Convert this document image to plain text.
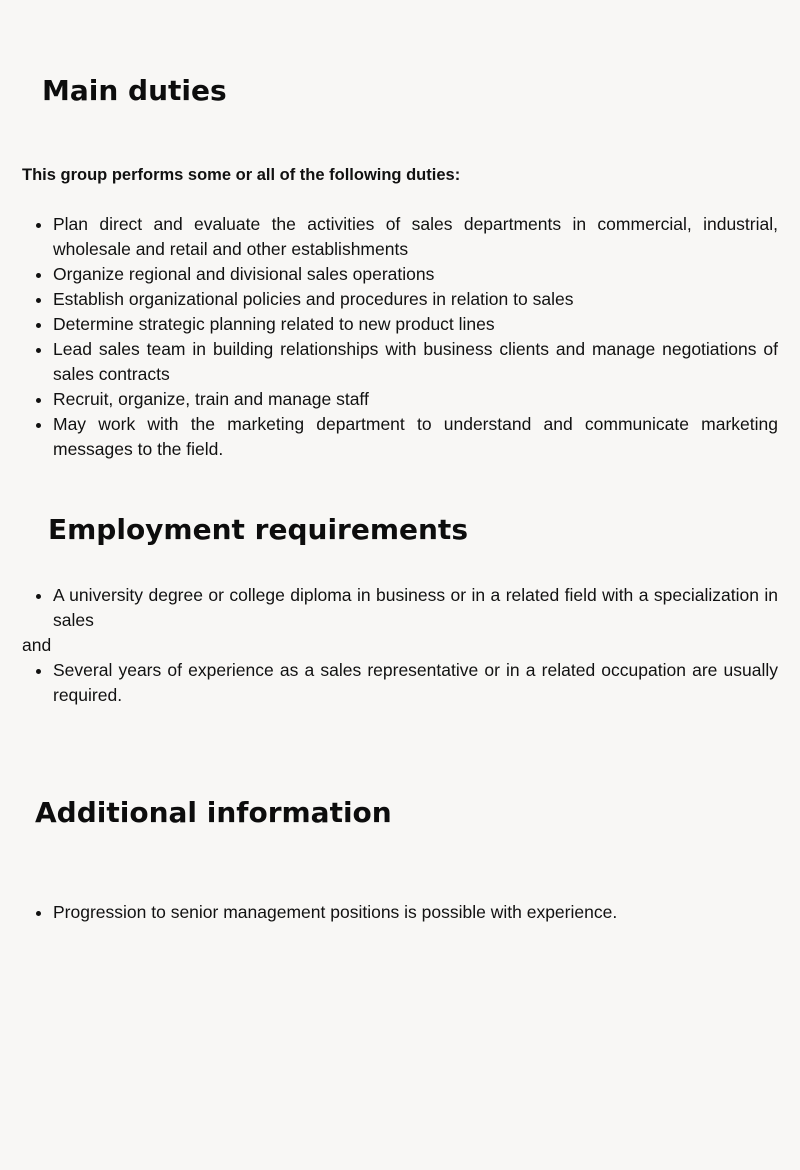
Main duties

This group performs some or all of the following duties:

• Plan direct and evaluate the activities of sales departments in commercial, industrial, wholesale and retail and other establishments
• Organize regional and divisional sales operations
• Establish organizational policies and procedures in relation to sales
• Determine strategic planning related to new product lines
• Lead sales team in building relationships with business clients and manage negotiations of sales contracts
• Recruit, organize, train and manage staff
• May work with the marketing department to understand and communicate marketing messages to the field.
Employment requirements
• A university degree or college diploma in business or in a related field with a specialization in sales

and

• Several years of experience as a sales representative or in a related occupation are usually required.
Additional information
• Progression to senior management positions is possible with experience.
